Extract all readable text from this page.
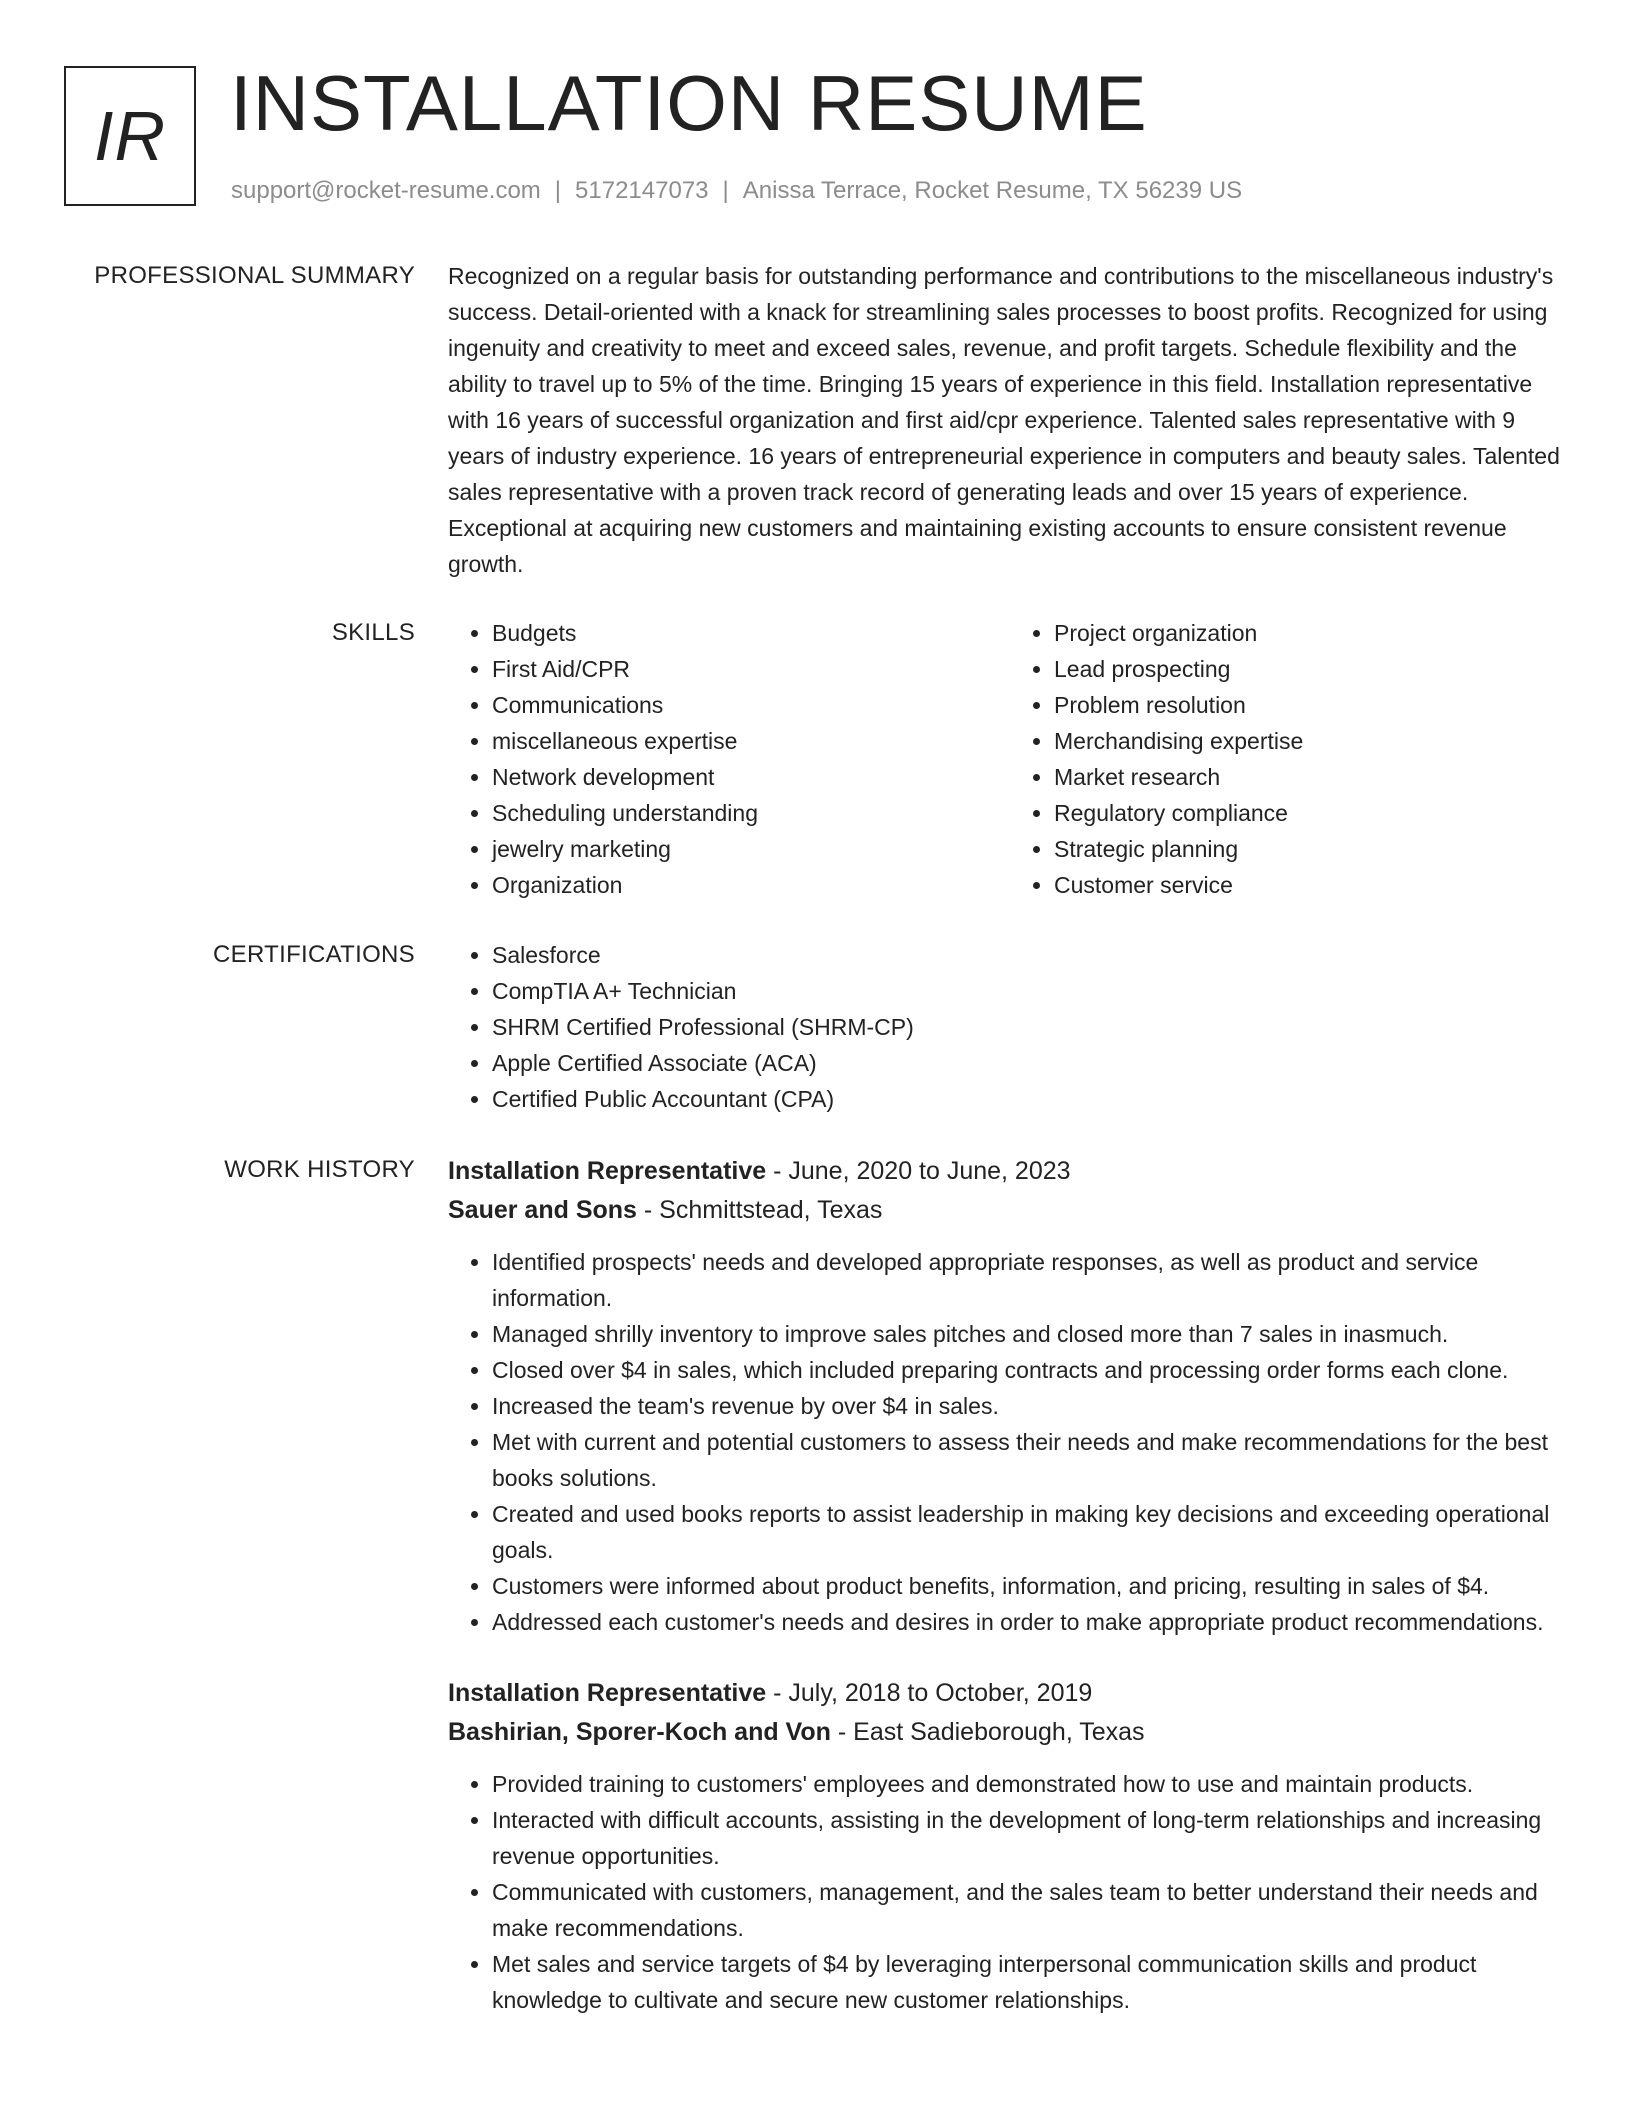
IR INSTALLATION RESUME
support@rocket-resume.com | 5172147073 | Anissa Terrace, Rocket Resume, TX 56239 US
PROFESSIONAL SUMMARY Recognized on a regular basis for outstanding performance and contributions to the miscellaneous industry's success. Detail-oriented with a knack for streamlining sales processes to boost profits. Recognized for using ingenuity and creativity to meet and exceed sales, revenue, and profit targets. Schedule flexibility and the ability to travel up to 5% of the time. Bringing 15 years of experience in this field. Installation representative with 16 years of successful organization and first aid/cpr experience. Talented sales representative with 9 years of industry experience. 16 years of entrepreneurial experience in computers and beauty sales. Talented sales representative with a proven track record of generating leads and over 15 years of experience. Exceptional at acquiring new customers and maintaining existing accounts to ensure consistent revenue growth.

SKILLS	• Budgets
• First Aid/CPR
• Communications
• miscellaneous expertise
• Network development
• Scheduling understanding
• jewelry marketing
• Organization
• Project organization
• Lead prospecting
• Problem resolution
• Merchandising expertise
• Market research
• Regulatory compliance
• Strategic planning
• Customer service
CERTIFICATIONS	• Salesforce
• CompTIA A+ Technician
• SHRM Certified Professional (SHRM-CP)
• Apple Certified Associate (ACA)
• Certified Public Accountant (CPA)
WORK HISTORY Installation Representative - June, 2020 to June, 2023
Sauer and Sons - Schmittstead, Texas
• Identified prospects' needs and developed appropriate responses, as well as product and service information.
• Managed shrilly inventory to improve sales pitches and closed more than 7 sales in inasmuch.
• Closed over $4 in sales, which included preparing contracts and processing order forms each clone.
• Increased the team's revenue by over $4 in sales.
• Met with current and potential customers to assess their needs and make recommendations for the best books solutions.
• Created and used books reports to assist leadership in making key decisions and exceeding operational goals.
• Customers were informed about product benefits, information, and pricing, resulting in sales of $4.
• Addressed each customer's needs and desires in order to make appropriate product recommendations.
Installation Representative - July, 2018 to October, 2019
Bashirian, Sporer-Koch and Von - East Sadieborough, Texas
• Provided training to customers' employees and demonstrated how to use and maintain products.
• Interacted with difficult accounts, assisting in the development of long-term relationships and increasing revenue opportunities.
• Communicated with customers, management, and the sales team to better understand their needs and make recommendations.
• Met sales and service targets of $4 by leveraging interpersonal communication skills and product knowledge to cultivate and secure new customer relationships.
